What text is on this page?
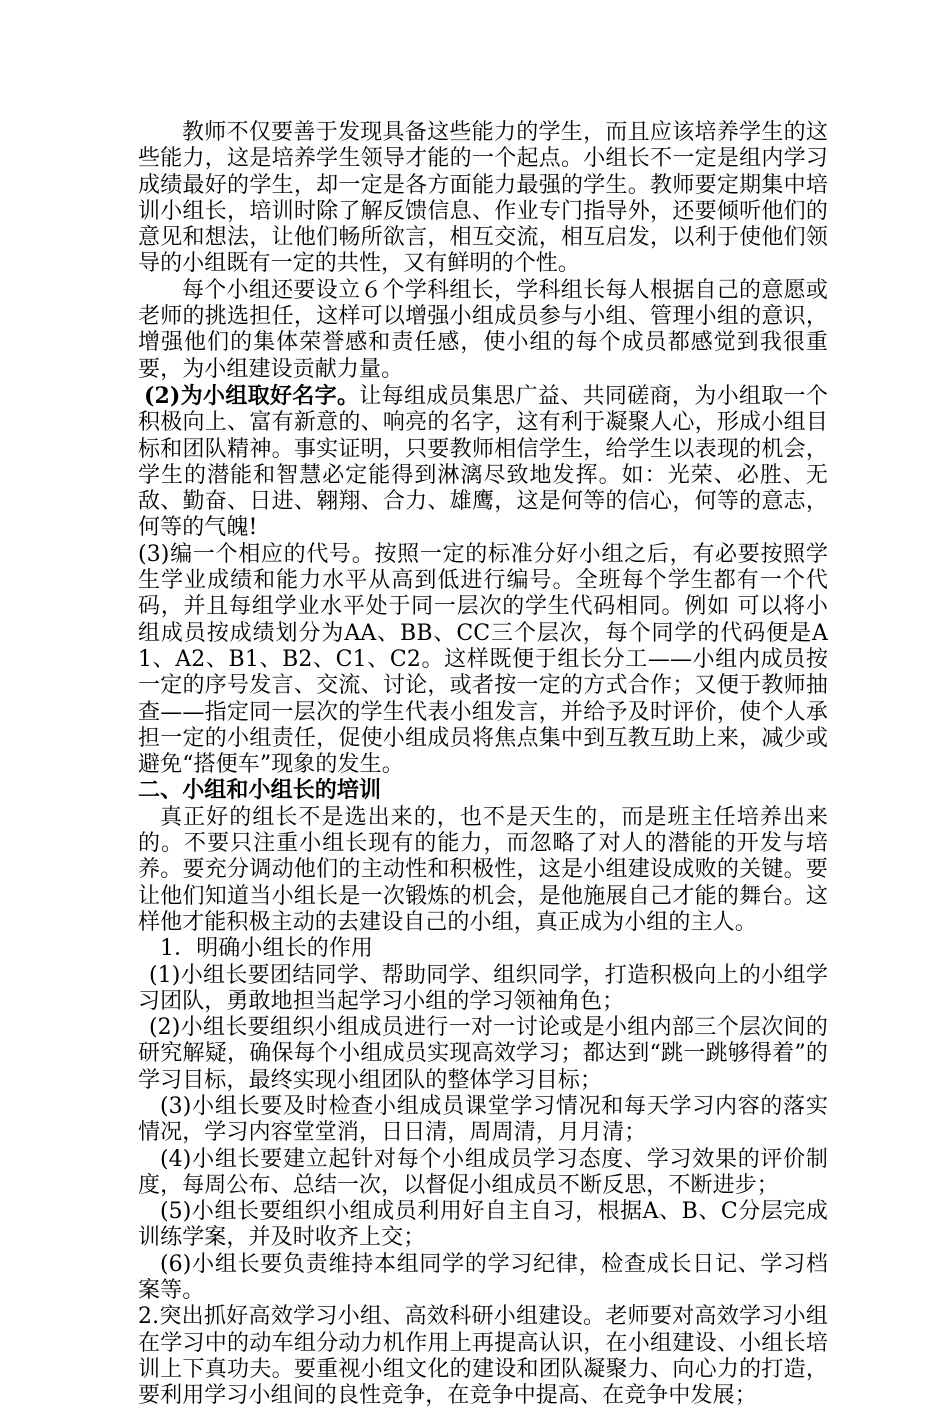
教师不仅要善于发现具备这些能力的学生，而且应该培养学生的这些能力，这是培养学生领导才能的一个起点。小组长不一定是组内学习成绩最好的学生，却一定是各方面能力最强的学生。教师要定期集中培训小组长，培训时除了解反馈信息、作业专门指导外，还要倾听他们的意见和想法，让他们畅所欲言，相互交流，相互启发，以利于使他们领导的小组既有一定的共性，又有鲜明的个性。

每个小组还要设立６个学科组长，学科组长每人根据自己的意愿或老师的挑选担任，这样可以增强小组成员参与小组、管理小组的意识，增强他们的集体荣誉感和责任感，使小组的每个成员都感觉到我很重要，为小组建设贡献力量。

(2)为小组取好名字。让每组成员集思广益、共同磋商，为小组取一个积极向上、富有新意的、响亮的名字，这有利于凝聚人心，形成小组目标和团队精神。事实证明，只要教师相信学生，给学生以表现的机会，学生的潜能和智慧必定能得到淋漓尽致地发挥。如：光荣、必胜、无敌、勤奋、日进、翱翔、合力、雄鹰，这是何等的信心，何等的意志，何等的气魄!

(3)编一个相应的代号。按照一定的标准分好小组之后，有必要按照学生学业成绩和能力水平从高到低进行编号。全班每个学生都有一个代码，并且每组学业水平处于同一层次的学生代码相同。例如 可以将小组成员按成绩划分为AA、BB、CC三个层次，每个同学的代码便是A1、A2、B1、B2、C1、C2。这样既便于组长分工——小组内成员按一定的序号发言、交流、讨论，或者按一定的方式合作；又便于教师抽查——指定同一层次的学生代表小组发言，并给予及时评价，使个人承担一定的小组责任，促使小组成员将焦点集中到互教互助上来，减少或避免“搭便车”现象的发生。

二、小组和小组长的培训

真正好的组长不是选出来的，也不是天生的，而是班主任培养出来的。不要只注重小组长现有的能力，而忽略了对人的潜能的开发与培养。要充分调动他们的主动性和积极性，这是小组建设成败的关键。要让他们知道当小组长是一次锻炼的机会，是他施展自己才能的舞台。这样他才能积极主动的去建设自己的小组，真正成为小组的主人。

1．明确小组长的作用

(1)小组长要团结同学、帮助同学、组织同学，打造积极向上的小组学习团队，勇敢地担当起学习小组的学习领袖角色；

(2)小组长要组织小组成员进行一对一讨论或是小组内部三个层次间的研究解疑，确保每个小组成员实现高效学习；都达到“跳一跳够得着”的学习目标，最终实现小组团队的整体学习目标；

(3)小组长要及时检查小组成员课堂学习情况和每天学习内容的落实情况，学习内容堂堂消，日日清，周周清，月月清；

(4)小组长要建立起针对每个小组成员学习态度、学习效果的评价制度，每周公布、总结一次，以督促小组成员不断反思，不断进步；

(5)小组长要组织小组成员利用好自主自习，根据A、B、C分层完成训练学案，并及时收齐上交；

(6)小组长要负责维持本组同学的学习纪律，检查成长日记、学习档案等。

2.突出抓好高效学习小组、高效科研小组建设。老师要对高效学习小组在学习中的动车组分动力机作用上再提高认识，在小组建设、小组长培训上下真功夫。要重视小组文化的建设和团队凝聚力、向心力的打造，要利用学习小组间的良性竞争，在竞争中提高、在竞争中发展；
